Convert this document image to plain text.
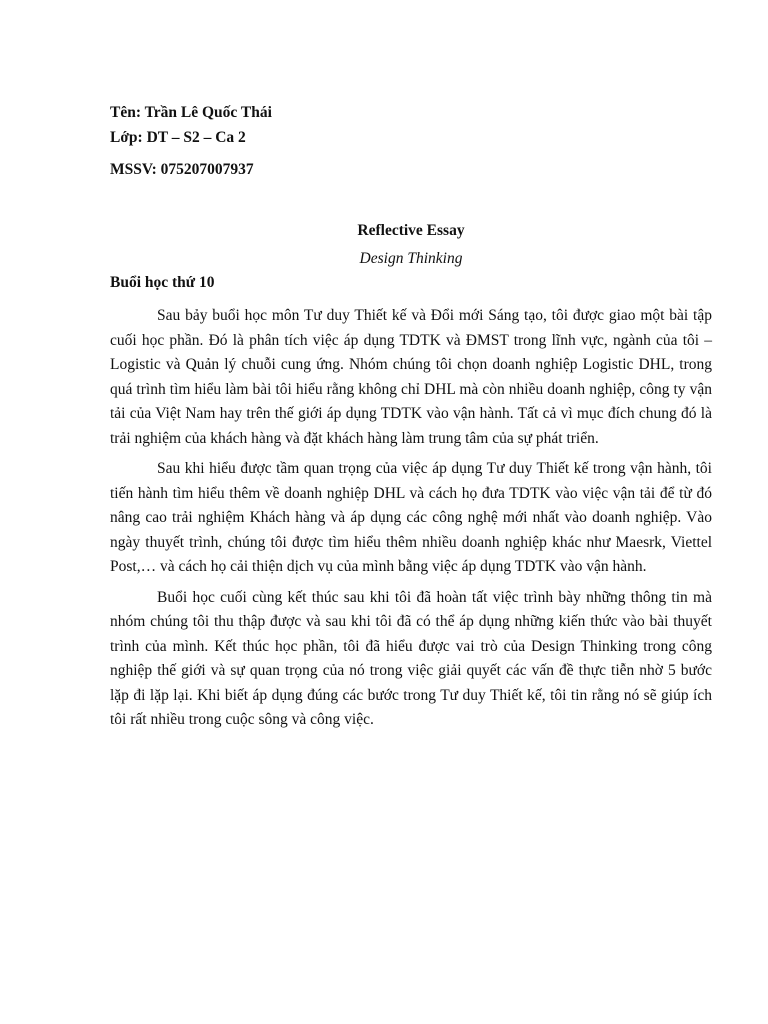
Tên: Trần Lê Quốc Thái
Lớp: DT – S2 – Ca 2
MSSV: 075207007937
Reflective Essay
Design Thinking
Buổi học thứ 10

Sau bảy buổi học môn Tư duy Thiết kế và Đổi mới Sáng tạo, tôi được giao một bài tập cuối học phần. Đó là phân tích việc áp dụng TDTK và ĐMST trong lĩnh vực, ngành của tôi – Logistic và Quản lý chuỗi cung ứng. Nhóm chúng tôi chọn doanh nghiệp Logistic DHL, trong quá trình tìm hiểu làm bài tôi hiểu rằng không chỉ DHL mà còn nhiều doanh nghiệp, công ty vận tải của Việt Nam hay trên thế giới áp dụng TDTK vào vận hành. Tất cả vì mục đích chung đó là trải nghiệm của khách hàng và đặt khách hàng làm trung tâm của sự phát triển.

Sau khi hiểu được tầm quan trọng của việc áp dụng Tư duy Thiết kế trong vận hành, tôi tiến hành tìm hiểu thêm về doanh nghiệp DHL và cách họ đưa TDTK vào việc vận tải để từ đó nâng cao trải nghiệm Khách hàng và áp dụng các công nghệ mới nhất vào doanh nghiệp. Vào ngày thuyết trình, chúng tôi được tìm hiểu thêm nhiều doanh nghiệp khác như Maesrk, Viettel Post,… và cách họ cải thiện dịch vụ của mình bằng việc áp dụng TDTK vào vận hành.

Buổi học cuối cùng kết thúc sau khi tôi đã hoàn tất việc trình bày những thông tin mà nhóm chúng tôi thu thập được và sau khi tôi đã có thể áp dụng những kiến thức vào bài thuyết trình của mình. Kết thúc học phần, tôi đã hiểu được vai trò của Design Thinking trong công nghiệp thế giới và sự quan trọng của nó trong việc giải quyết các vấn đề thực tiễn nhờ 5 bước lặp đi lặp lại. Khi biết áp dụng đúng các bước trong Tư duy Thiết kế, tôi tin rằng nó sẽ giúp ích tôi rất nhiều trong cuộc sông và công việc.
